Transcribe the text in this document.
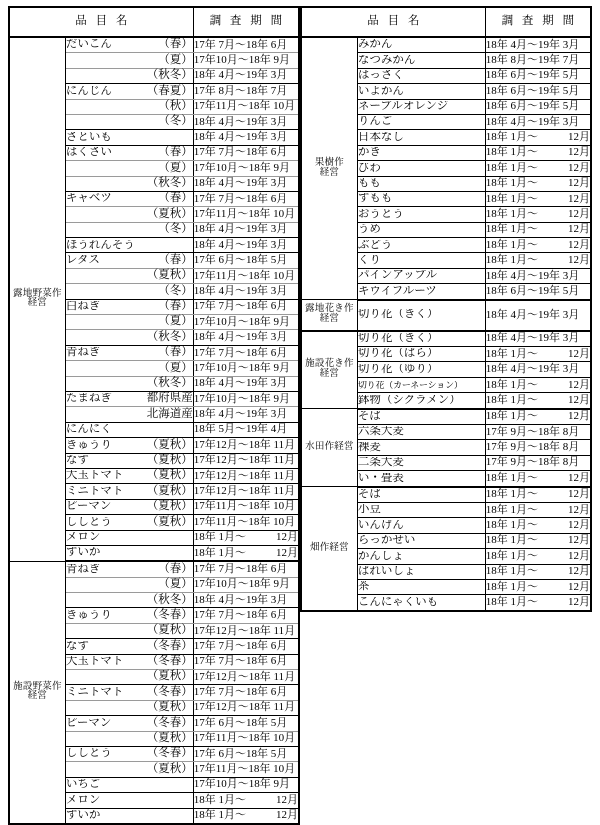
品 目 名		調 査 期 間

露地野菜作
経営

だいこん	（春）	17年 7月～18年 6月

	（夏）	17年10月～18年 9月

	（秋冬）	18年 4月～19年 3月

	にんじん （春夏）	17年 8月～18年 7月

	（秋）	17年11月～18年 10月

	（冬）	18年 4月～19年 3月

	さといも	18年 4月～19年 3月

	はくさい （春）	17年 7月～18年 6月

	（夏）	17年10月～18年 9月

	（秋冬）	18年 4月～19年 3月

	キャベツ （春）	17年 7月～18年 6月

	（夏秋）	17年11月～18年 10月

	（冬）	18年 4月～19年 3月

	ほうれんそう	18年 4月～19年 3月

	レタス （春）	17年 6月～18年 5月

	（夏秋）	17年11月～18年 10月

	（冬）	18年 4月～19年 3月

	白ねぎ （春）	17年 7月～18年 6月

	（夏）	17年10月～18年 9月

	（秋冬）	18年 4月～19年 3月

	青ねぎ （春）	17年 7月～18年 6月

	（夏）	17年10月～18年 9月

	（秋冬）	18年 4月～19年 3月

	たまねぎ 都府県産	17年10月～18年 9月

	北海道産	18年 4月～19年 3月

	にんにく	18年 5月～19年 4月

	きゅうり （夏秋）	17年12月～18年 11月

	なす （夏秋）	17年12月～18年 11月

	大玉トマト （夏秋）	17年12月～18年 11月

	ミニトマト （夏秋）	17年12月～18年 11月

	ピーマン （夏秋）	17年11月～18年 10月

	ししとう （夏秋）	17年11月～18年 10月

	メロン	18年 1月～ 12月

	すいか	18年 1月～ 12月

施設野菜作
経営

青ねぎ	（春）	17年 7月～18年 6月

	（夏）	17年10月～18年 9月

	（秋冬）	18年 4月～19年 3月

	きゅうり （冬春）	17年 7月～18年 6月

	（夏秋）	17年12月～18年 11月

	なす （冬春）	17年 7月～18年 6月

	大玉トマト （冬春）	17年 7月～18年 6月

	（夏秋）	17年12月～18年 11月

	ミニトマト （冬春）	17年 7月～18年 6月

	（夏秋）	17年12月～18年 11月

	ピーマン （冬春）	17年 6月～18年 5月

	（夏秋）	17年11月～18年 10月

	ししとう （冬春）	17年 6月～18年 5月

	（夏秋）	17年11月～18年 10月

	いちご	17年10月～18年 9月

	メロン	18年 1月～ 12月

	すいか	18年 1月～ 12月
品 目 名		調 査 期 間

果樹作
経営

みかん	18年 4月～19年 3月

	なつみかん	18年 8月～19年 7月

	はっさく	18年 6月～19年 5月

	いよかん	18年 6月～19年 5月

	ネーブルオレンジ	18年 6月～19年 5月

	りんご	18年 4月～19年 3月

	日本なし	18年 1月～ 12月

	かき	18年 1月～ 12月

	びわ	18年 1月～ 12月

	もも	18年 1月～ 12月

	すもも	18年 1月～ 12月

	おうとう	18年 1月～ 12月

	うめ	18年 1月～ 12月

	ぶどう	18年 1月～ 12月

	くり	18年 1月～ 12月

	パインアップル	18年 4月～19年 3月

	キウイフルーツ	18年 6月～19年 5月

露地花き作
経営	切り花（きく）	18年 4月～19年 3月

施設花き作
経営

切り花（きく）	18年 4月～19年 3月

	切り花（ばら）	18年 1月～ 12月

	切り花（ゆり）	18年 4月～19年 3月

	切り花（カーネーション）	18年 1月～ 12月

	鉢物（シクラメン）	18年 1月～ 12月

水田作経営	そば	18年 1月～ 12月

	六条大麦	17年 9月～18年 8月

	裸麦	17年 9月～18年 8月

	二条大麦	17年 9月～18年 8月

	い・畳表	18年 1月～ 12月

畑作経営	そば	18年 1月～ 12月

	小豆	18年 1月～ 12月

	いんげん	18年 1月～ 12月

	らっかせい	18年 1月～ 12月

	かんしょ	18年 1月～ 12月

	ばれいしょ	18年 1月～ 12月

	茶	18年 1月～ 12月

	こんにゃくいも	18年 1月～ 12月
